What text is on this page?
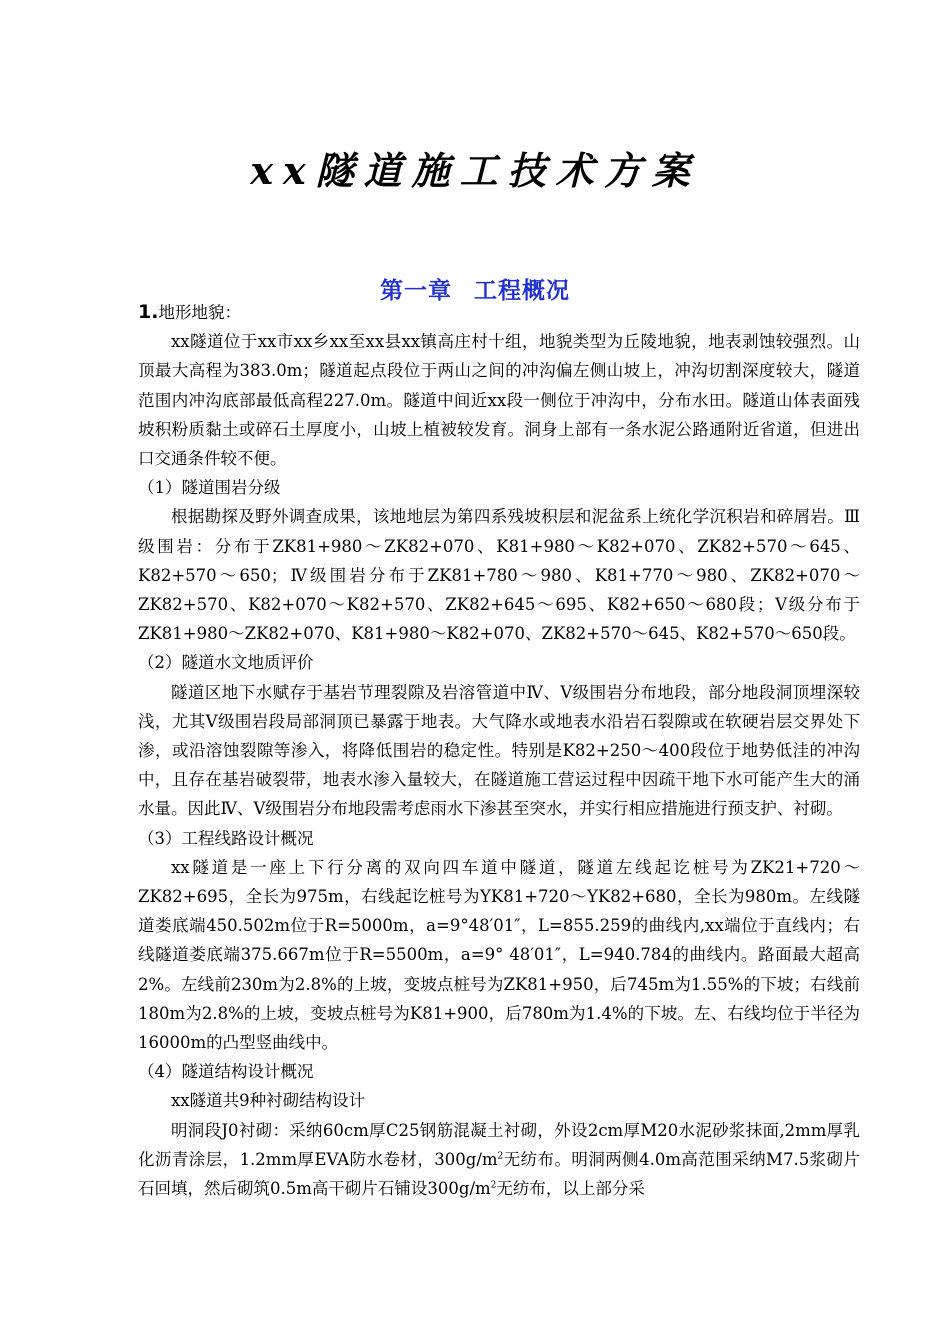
xx隧道施工技术方案
第一章 工程概况

1.地形地貌：

xx隧道位于xx市xx乡xx至xx县xx镇高庄村十组，地貌类型为丘陵地貌，地表剥蚀较强烈。山顶最大高程为383.0m；隧道起点段位于两山之间的冲沟偏左侧山坡上，冲沟切割深度较大，隧道范围内冲沟底部最低高程227.0m。隧道中间近xx段一侧位于冲沟中，分布水田。隧道山体表面残坡积粉质黏土或碎石土厚度小，山坡上植被较发育。洞身上部有一条水泥公路通附近省道，但进出口交通条件较不便。

（1）隧道围岩分级

根据勘探及野外调查成果，该地地层为第四系残坡积层和泥盆系上统化学沉积岩和碎屑岩。Ⅲ级围岩：分布于ZK81+980～ZK82+070、K81+980～K82+070、ZK82+570～645、K82+570～650；Ⅳ级围岩分布于ZK81+780～980、K81+770～980、ZK82+070～ZK82+570、K82+070～K82+570、ZK82+645～695、K82+650～680段；Ⅴ级分布于ZK81+980～ZK82+070、K81+980～K82+070、ZK82+570～645、K82+570～650段。

（2）隧道水文地质评价

隧道区地下水赋存于基岩节理裂隙及岩溶管道中Ⅳ、Ⅴ级围岩分布地段，部分地段洞顶埋深较浅，尤其Ⅴ级围岩段局部洞顶已暴露于地表。大气降水或地表水沿岩石裂隙或在软硬岩层交界处下渗，或沿溶蚀裂隙等渗入，将降低围岩的稳定性。特别是K82+250～400段位于地势低洼的冲沟中，且存在基岩破裂带，地表水渗入量较大，在隧道施工营运过程中因疏干地下水可能产生大的涌水量。因此Ⅳ、Ⅴ级围岩分布地段需考虑雨水下渗甚至突水，并实行相应措施进行预支护、衬砌。

（3）工程线路设计概况

xx隧道是一座上下行分离的双向四车道中隧道，隧道左线起讫桩号为ZK21+720～ZK82+695，全长为975m，右线起讫桩号为YK81+720～YK82+680，全长为980m。左线隧道娄底端450.502m位于R=5000m，a=9°48′01″，L=855.259的曲线内,xx端位于直线内；右线隧道娄底端375.667m位于R=5500m，a=9° 48′01″，L=940.784的曲线内。路面最大超高2%。左线前230m为2.8%的上坡，变坡点桩号为ZK81+950，后745m为1.55%的下坡；右线前180m为2.8%的上坡，变坡点桩号为K81+900，后780m为1.4%的下坡。左、右线均位于半径为16000m的凸型竖曲线中。

（4）隧道结构设计概况

xx隧道共9种衬砌结构设计

明洞段J0衬砌：采纳60cm厚C25钢筋混凝土衬砌，外设2cm厚M20水泥砂浆抹面,2mm厚乳化沥青涂层，1.2mm厚EVA防水卷材，$300g/m^2$无纺布。明洞两侧4.0m高范围采纳M7.5浆砌片石回填，然后砌筑0.5m高干砌片石铺设$300g/m^2$无纺布，以上部分采
